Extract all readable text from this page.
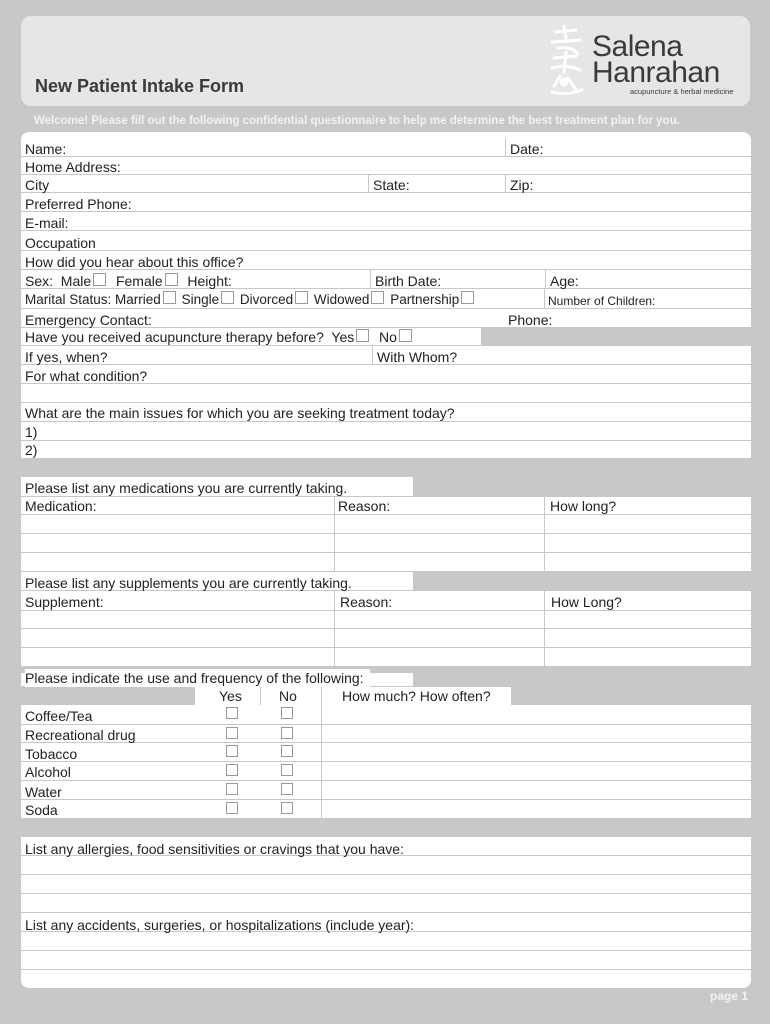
New Patient Intake Form
Salena
Hanrahan
acupuncture & herbal medicine
Welcome! Please fill out the following confidential questionnaire to help me determine the best treatment plan for you.
Name:	Date:
Home Address:
City	State:	Zip:
Preferred Phone:
E-mail:
Occupation
How did you hear about this office?
Sex: Male Female Height:	Birth Date:	Age:
Marital Status: Married Single Divorced Widowed Partnership	Number of Children:
Emergency Contact:	Phone:
Have you received acupuncture therapy before? Yes No
If yes, when?	With Whom?
For what condition?
What are the main issues for which you are seeking treatment today?
1)
2)
Please list any medications you are currently taking.
Medication:	Reason:	How long?
Please list any supplements you are currently taking.
Supplement:	Reason:	How Long?
Please indicate the use and frequency of the following:
Yes	No	How much? How often?
Coffee/Tea
Recreational drug
Tobacco
Alcohol
Water
Soda
List any allergies, food sensitivities or cravings that you have:
List any accidents, surgeries, or hospitalizations (include year):
page 1
